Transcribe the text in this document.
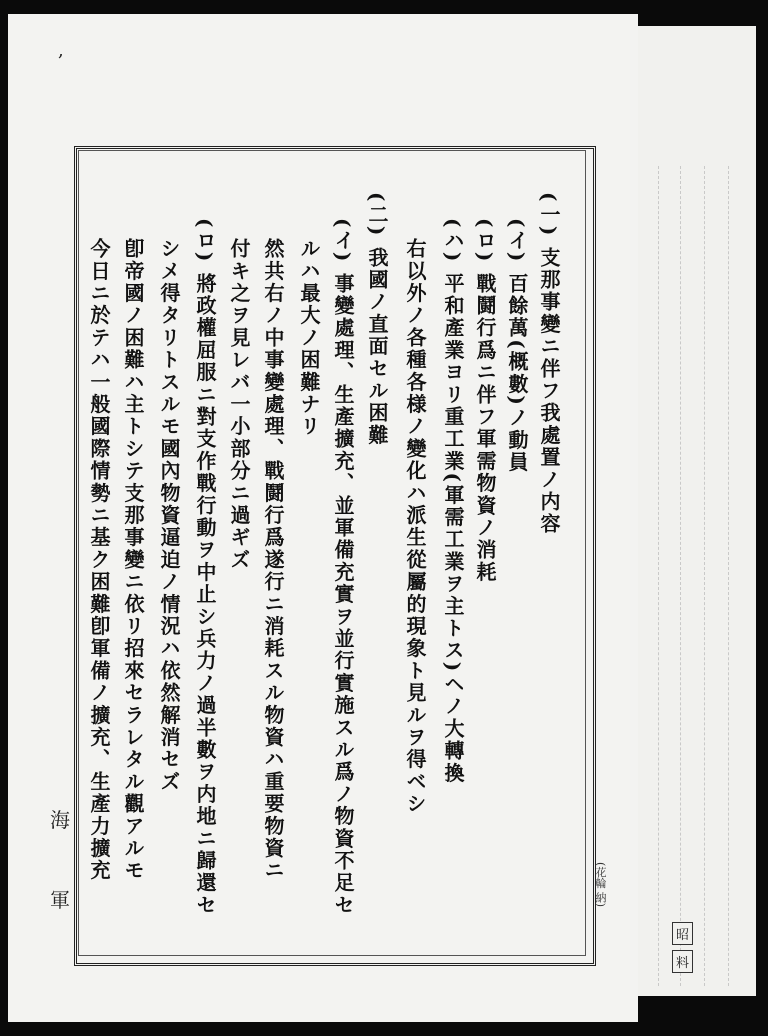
,
(一) 支那事變ニ伴フ我處置ノ内容
(イ) 百餘萬(概數)ノ動員
(ロ) 戰鬪行爲ニ伴フ軍需物資ノ消耗
(ハ) 平和產業ヨリ重工業(軍需工業ヲ主トス)ヘノ大轉換
右以外ノ各種各様ノ變化ハ派生從屬的現象ト見ルヲ得ベシ
(二) 我國ノ直面セル困難
(イ) 事變處理、生產擴充、並軍備充實ヲ並行實施スル爲ノ物資不足セ
ルハ最大ノ困難ナリ
然共右ノ中事變處理、戰鬪行爲遂行ニ消耗スル物資ハ重要物資ニ
付キ之ヲ見レバ一小部分ニ過ギズ
(ロ) 將政權屈服ニ對支作戰行動ヲ中止シ兵力ノ過半數ヲ内地ニ歸還セ
シメ得タリトスルモ國內物資逼迫ノ情況ハ依然解消セズ
卽帝國ノ困難ハ主トシテ支那事變ニ依リ招來セラレタル觀アルモ
今日ニ於テハ一般國際情勢ニ基ク困難卽軍備ノ擴充、生產力擴充
海
軍	(花輪 納)
昭
料
